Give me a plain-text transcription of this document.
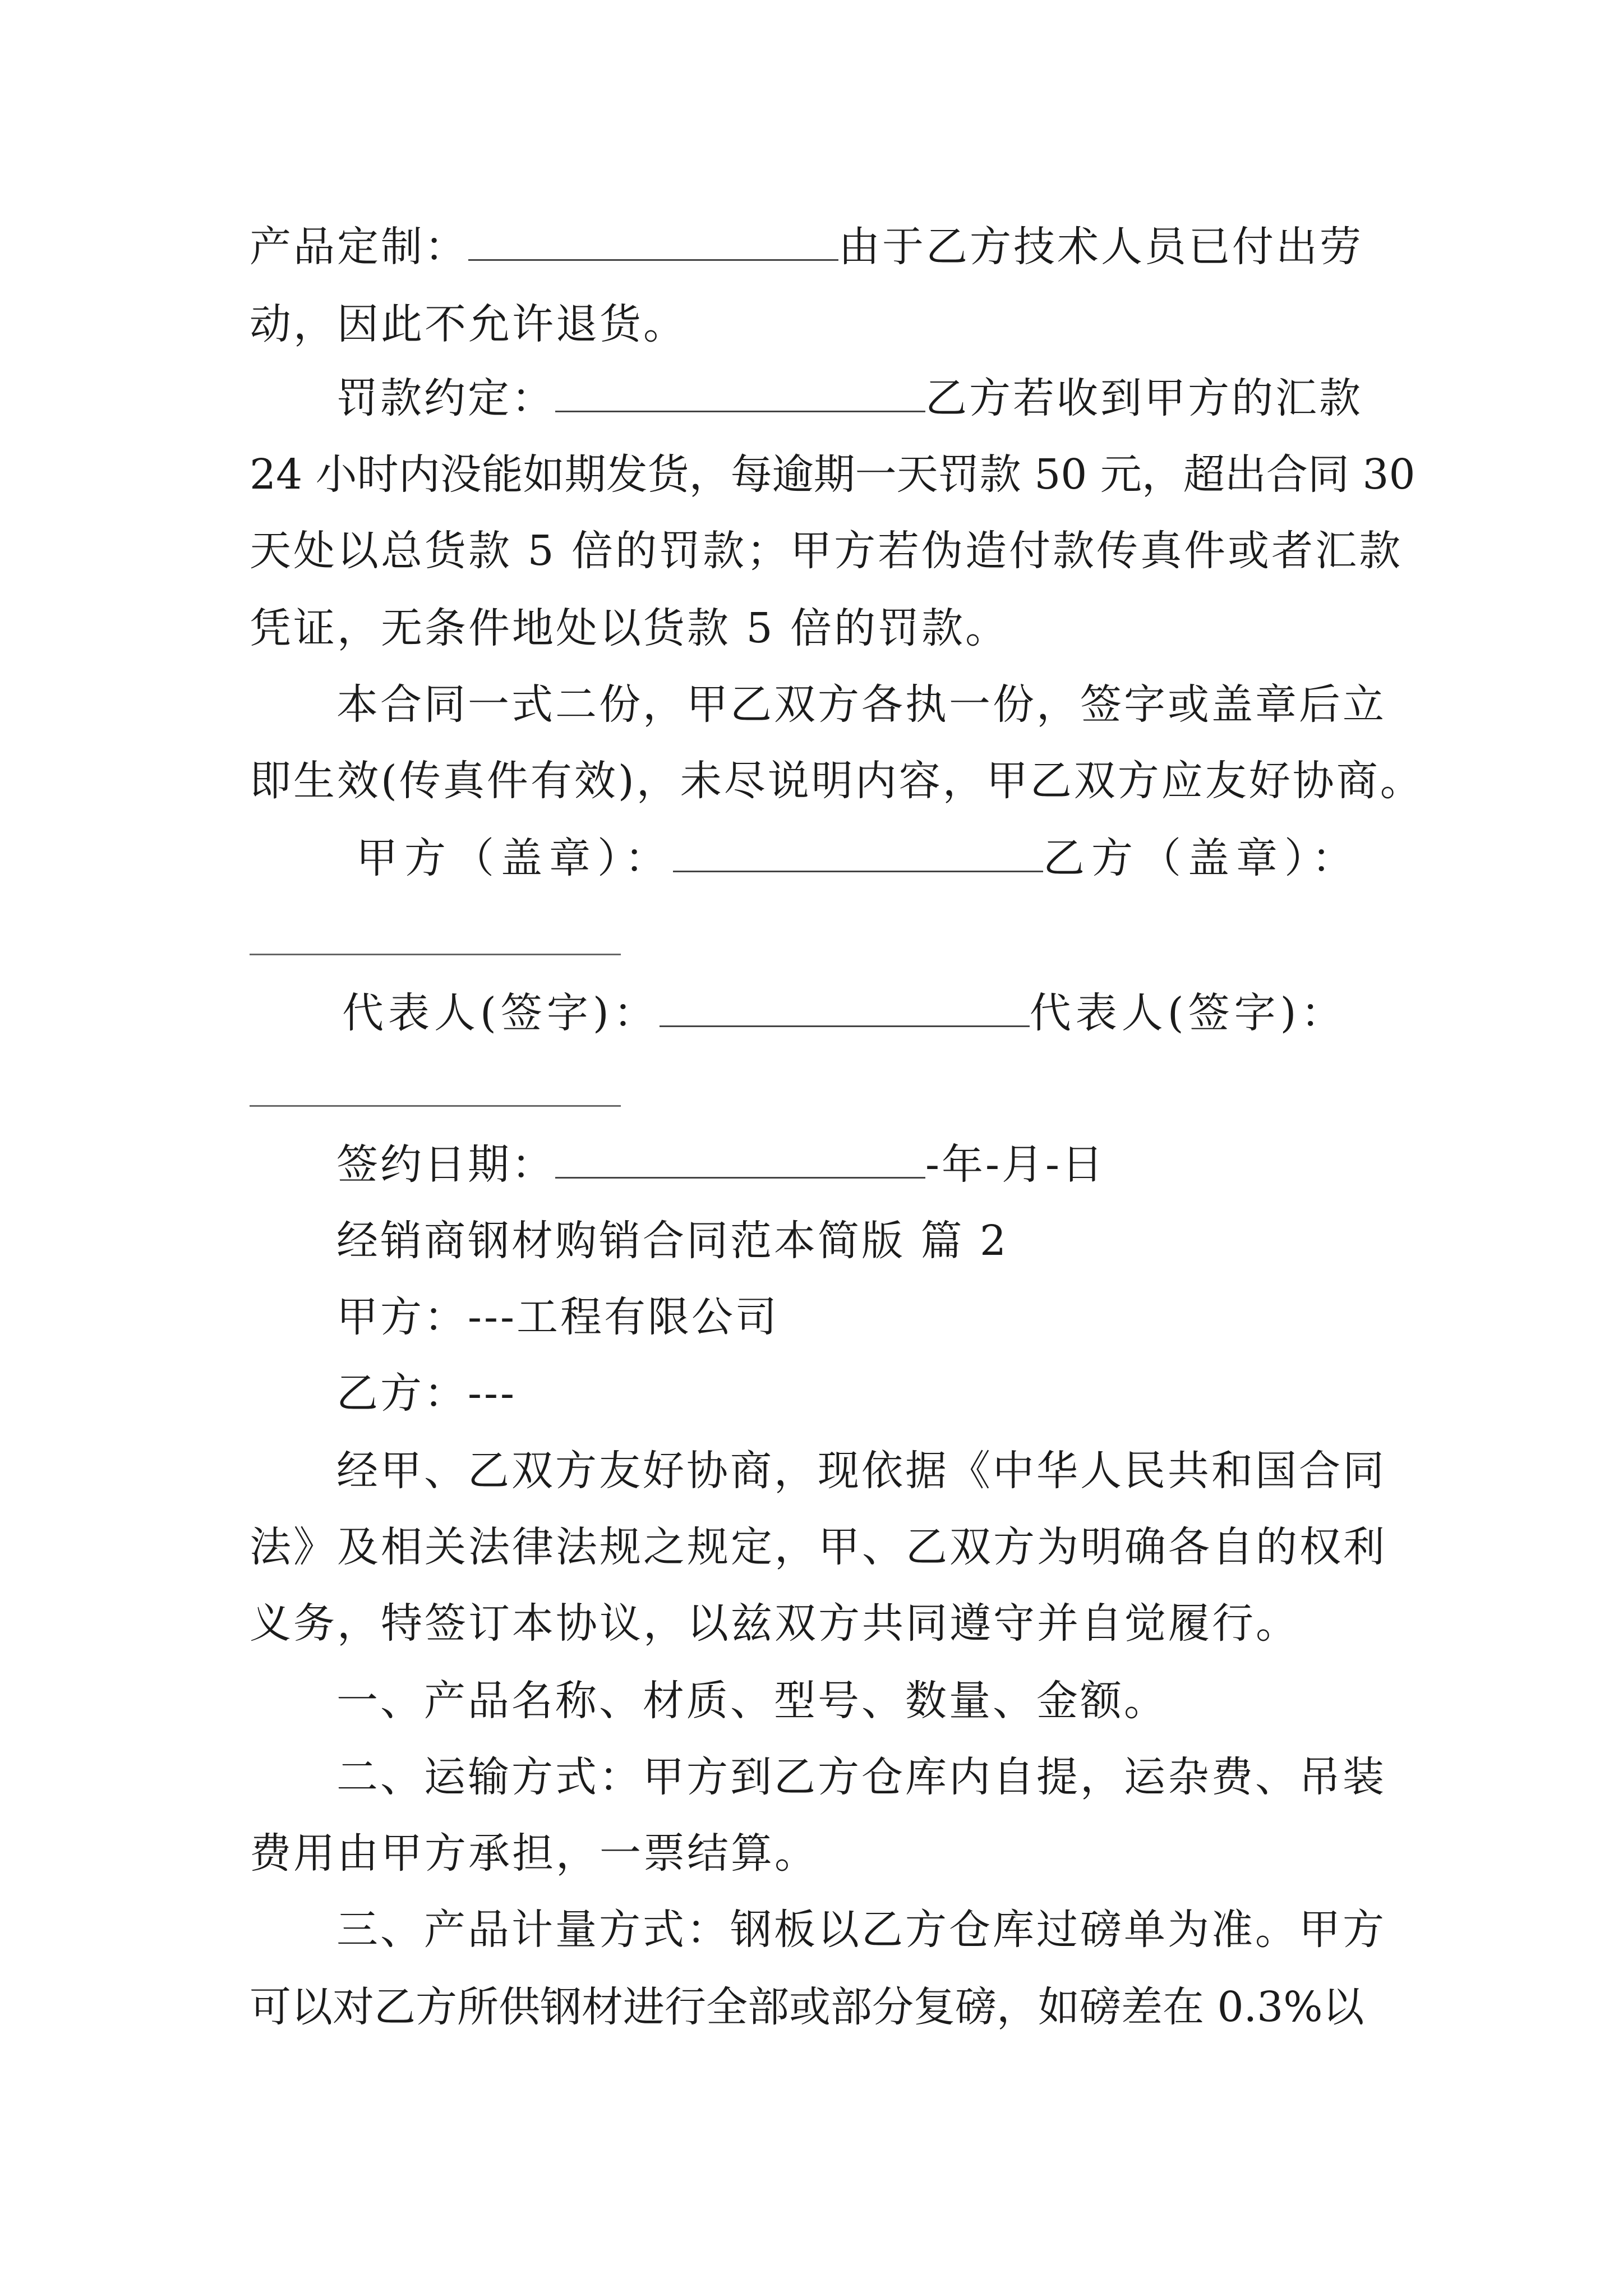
产品定制：	由于乙方技术人员已付出劳
动，因此不允许退货。
罚款约定：	乙方若收到甲方的汇款
24 小时内没能如期发货，每逾期一天罚款 50 元，超出合同 30
天处以总货款 5 倍的罚款；甲方若伪造付款传真件或者汇款
凭证，无条件地处以货款 5 倍的罚款。
本合同一式二份，甲乙双方各执一份，签字或盖章后立
即生效(传真件有效)，未尽说明内容，甲乙双方应友好协商。
甲方（盖章）：	乙方（盖章）：
代表人(签字)：	代表人(签字)：
签约日期：	-年-月-日
经销商钢材购销合同范本简版 篇 2
甲方：---工程有限公司
乙方：---
经甲、乙双方友好协商，现依据《中华人民共和国合同
法》及相关法律法规之规定，甲、乙双方为明确各自的权利
义务，特签订本协议，以兹双方共同遵守并自觉履行。
一、产品名称、材质、型号、数量、金额。
二、运输方式：甲方到乙方仓库内自提，运杂费、吊装
费用由甲方承担，一票结算。
三、产品计量方式：钢板以乙方仓库过磅单为准。甲方
可以对乙方所供钢材进行全部或部分复磅，如磅差在 0.3%以
